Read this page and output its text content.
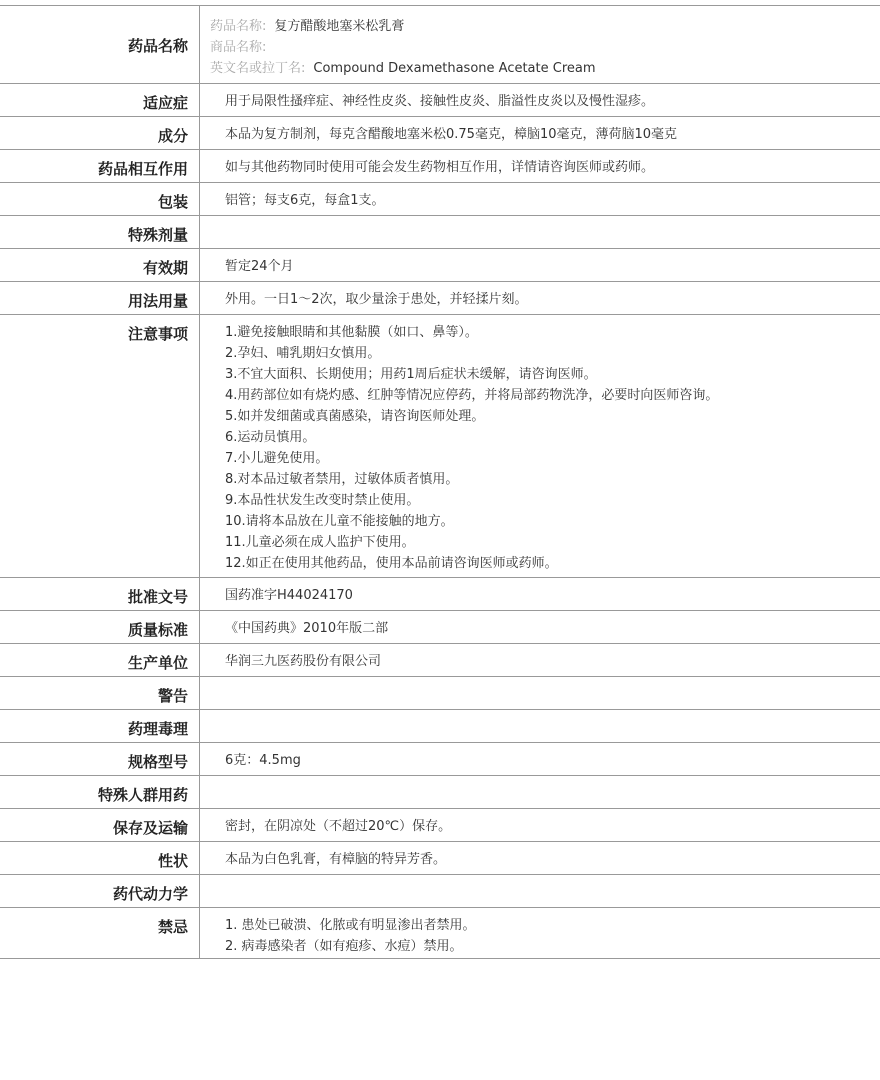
药品名称
药品名称: 复方醋酸地塞米松乳膏
商品名称:
英文名或拉丁名: Compound Dexamethasone Acetate Cream
适应症	用于局限性搔痒症、神经性皮炎、接触性皮炎、脂溢性皮炎以及慢性湿疹。
成分	本品为复方制剂，每克含醋酸地塞米松0.75毫克，樟脑10毫克，薄荷脑10毫克
药品相互作用	如与其他药物同时使用可能会发生药物相互作用，详情请咨询医师或药师。
包装	铝管；每支6克，每盒1支。
特殊剂量
有效期	暂定24个月
用法用量	外用。一日1～2次，取少量涂于患处，并轻揉片刻。
注意事项	1.避免接触眼睛和其他黏膜（如口、鼻等）。
2.孕妇、哺乳期妇女慎用。
3.不宜大面积、长期使用；用药1周后症状未缓解，请咨询医师。
4.用药部位如有烧灼感、红肿等情况应停药，并将局部药物洗净，必要时向医师咨询。
5.如并发细菌或真菌感染，请咨询医师处理。
6.运动员慎用。
7.小儿避免使用。
8.对本品过敏者禁用，过敏体质者慎用。
9.本品性状发生改变时禁止使用。
10.请将本品放在儿童不能接触的地方。
11.儿童必须在成人监护下使用。
12.如正在使用其他药品，使用本品前请咨询医师或药师。
批准文号	国药准字H44024170
质量标准	《中国药典》2010年版二部
生产单位	华润三九医药股份有限公司
警告
药理毒理
规格型号	6克：4.5mg
特殊人群用药
保存及运输	密封，在阴凉处（不超过20℃）保存。
性状	本品为白色乳膏，有樟脑的特异芳香。
药代动力学
禁忌	1. 患处已破溃、化脓或有明显渗出者禁用。
2. 病毒感染者（如有疱疹、水痘）禁用。
